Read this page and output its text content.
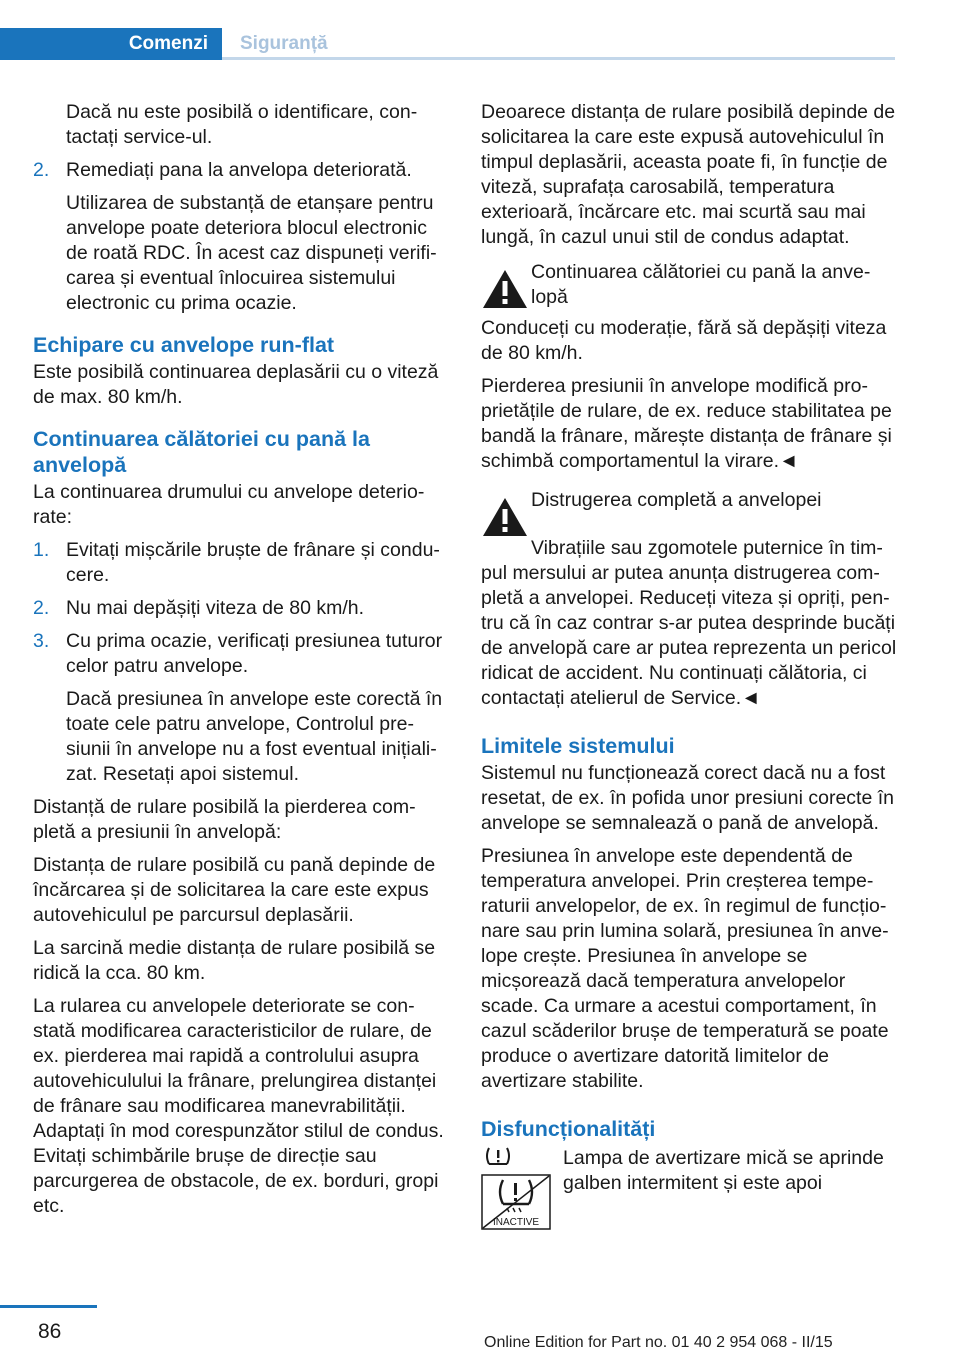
Comenzi	Siguranță

Dacă nu este posibilă o identificare, contactați service-ul.

2. Remediați pana la anvelopa deteriorată.

Utilizarea de substanță de etanșare pentru anvelope poate deteriora blocul electronic de roată RDC. În acest caz dispuneți verificarea și eventual înlocuirea sistemului electronic cu prima ocazie.

Echipare cu anvelope run-flat

Este posibilă continuarea deplasării cu o viteză de max. 80 km/h.

Continuarea călătoriei cu pană la anvelopă

La continuarea drumului cu anvelope deteriorate:

1. Evitați mișcările bruște de frânare și conducere.
2. Nu mai depășiți viteza de 80 km/h.
3. Cu prima ocazie, verificați presiunea tuturor celor patru anvelope.

Dacă presiunea în anvelope este corectă în toate cele patru anvelope, Controlul presiunii în anvelope nu a fost eventual inițializat. Resetați apoi sistemul.

Distanță de rulare posibilă la pierderea completă a presiunii în anvelopă:

Distanța de rulare posibilă cu pană depinde de încărcarea și de solicitarea la care este expus autovehiculul pe parcursul deplasării.

La sarcină medie distanța de rulare posibilă se ridică la cca. 80 km.

La rularea cu anvelopele deteriorate se constată modificarea caracteristicilor de rulare, de ex. pierderea mai rapidă a controlului asupra autovehiculului la frânare, prelungirea distanței de frânare sau modificarea manevrabilității. Adaptați în mod corespunzător stilul de condus. Evitați schimbările brușe de direcție sau parcurgerea de obstacole, de ex. borduri, gropi etc.

Deoarece distanța de rulare posibilă depinde de solicitarea la care este expusă autovehiculul în timpul deplasării, aceasta poate fi, în funcție de viteză, suprafața carosabilă, temperatura exterioară, încărcare etc. mai scurtă sau mai lungă, în cazul unui stil de condus adaptat.

Continuarea călătoriei cu pană la anvelopă

Conduceți cu moderație, fără să depășiți viteza de 80 km/h.

Pierderea presiunii în anvelope modifică proprietățile de rulare, de ex. reduce stabilitatea pe bandă la frânare, mărește distanța de frânare și schimbă comportamentul la virare.◄

Distrugerea completă a anvelopei

Vibrațiile sau zgomotele puternice în timpul mersului ar putea anunța distrugerea completă a anvelopei. Reduceți viteza și opriți, pentru că în caz contrar s-ar putea desprinde bucăți de anvelopă care ar putea reprezenta un pericol ridicat de accident. Nu continuați călătoria, ci contactați atelierul de Service.◄

Limitele sistemului

Sistemul nu funcționează corect dacă nu a fost resetat, de ex. în pofida unor presiuni corecte în anvelope se semnalează o pană de anvelopă.

Presiunea în anvelope este dependentă de temperatura anvelopei. Prin creșterea temperaturii anvelopelor, de ex. în regimul de funcționare sau prin lumina solară, presiunea în anvelope crește. Presiunea în anvelope se micșorează dacă temperatura anvelopelor scade. Ca urmare a acestui comportament, în cazul scăderilor brușe de temperatură se poate produce o avertizare datorită limitelor de avertizare stabilite.

Disfuncționalități
INACTIVE
Lampa de avertizare mică se aprinde galben intermitent și este apoi
86	Online Edition for Part no. 01 40 2 954 068 - II/15
